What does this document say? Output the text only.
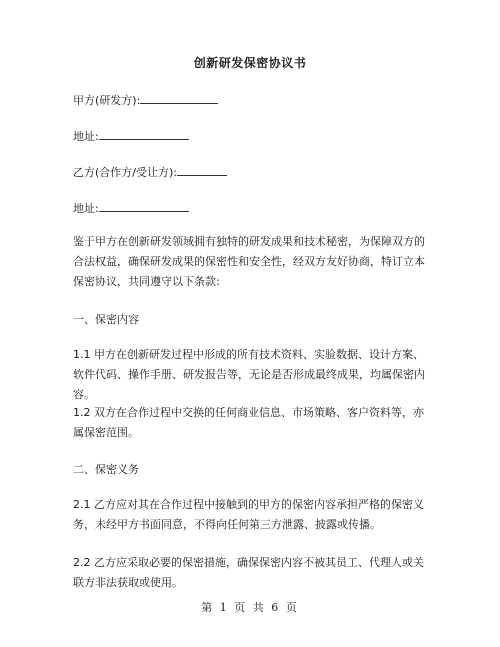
创新研发保密协议书
甲方(研发方):
地址:
乙方(合作方/受让方):
地址:
鉴于甲方在创新研发领域拥有独特的研发成果和技术秘密，为保障双方的合法权益，确保研发成果的保密性和安全性，经双方友好协商，特订立本保密协议，共同遵守以下条款:
一、保密内容
1.1 甲方在创新研发过程中形成的所有技术资料、实验数据、设计方案、软件代码、操作手册、研发报告等，无论是否形成最终成果，均属保密内容。
1.2 双方在合作过程中交换的任何商业信息、市场策略、客户资料等，亦属保密范围。
二、保密义务
2.1 乙方应对其在合作过程中接触到的甲方的保密内容承担严格的保密义务，未经甲方书面同意，不得向任何第三方泄露、披露或传播。
2.2 乙方应采取必要的保密措施，确保保密内容不被其员工、代理人或关联方非法获取或使用。
第 1 页 共 6 页
